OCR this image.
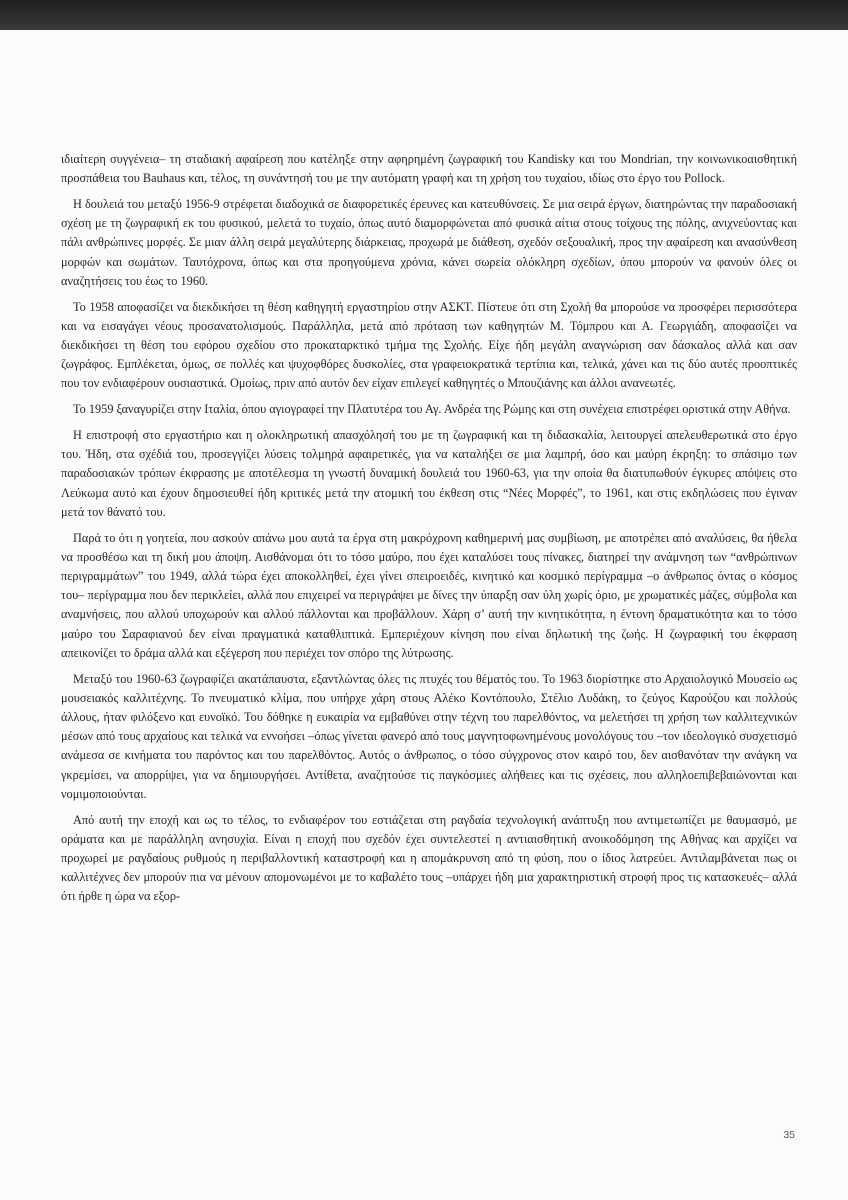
ιδιαίτερη συγγένεια– τη σταδιακή αφαίρεση που κατέληξε στην αφηρημένη ζωγραφική του Kandisky και του Mondrian, την κοινωνικοαισθητική προσπάθεια του Bauhaus και, τέλος, τη συνάντησή του με την αυτόματη γραφή και τη χρήση του τυχαίου, ιδίως στο έργο του Pollock.

Η δουλειά του μεταξύ 1956-9 στρέφεται διαδοχικά σε διαφορετικές έρευνες και κατευθύνσεις. Σε μια σειρά έργων, διατηρώντας την παραδοσιακή σχέση με τη ζωγραφική εκ του φυσικού, μελετά το τυχαίο, όπως αυτό διαμορφώνεται από φυσικά αίτια στους τοίχους της πόλης, ανιχνεύοντας και πάλι ανθρώπινες μορφές. Σε μιαν άλλη σειρά μεγαλύτερης διάρκειας, προχωρά με διάθεση, σχεδόν σεξουαλική, προς την αφαίρεση και ανασύνθεση μορφών και σωμάτων. Ταυτόχρονα, όπως και στα προηγούμενα χρόνια, κάνει σωρεία ολόκληρη σχεδίων, όπου μπορούν να φανούν όλες οι αναζητήσεις του έως το 1960.

Το 1958 αποφασίζει να διεκδικήσει τη θέση καθηγητή εργαστηρίου στην ΑΣΚΤ. Πίστευε ότι στη Σχολή θα μπορούσε να προσφέρει περισσότερα και να εισαγάγει νέους προσανατολισμούς. Παράλληλα, μετά από πρόταση των καθηγητών Μ. Τόμπρου και Α. Γεωργιάδη, αποφασίζει να διεκδικήσει τη θέση του εφόρου σχεδίου στο προκαταρκτικό τμήμα της Σχολής. Είχε ήδη μεγάλη αναγνώριση σαν δάσκαλος αλλά και σαν ζωγράφος. Εμπλέκεται, όμως, σε πολλές και ψυχοφθόρες δυσκολίες, στα γραφειοκρατικά τερτίπια και, τελικά, χάνει και τις δύο αυτές προοπτικές που τον ενδιαφέρουν ουσιαστικά. Ομοίως, πριν από αυτόν δεν είχαν επιλεγεί καθηγητές ο Μπουζιάνης και άλλοι ανανεωτές.

Το 1959 ξαναγυρίζει στην Ιταλία, όπου αγιογραφεί την Πλατυτέρα του Αγ. Ανδρέα της Ρώμης και στη συνέχεια επιστρέφει οριστικά στην Αθήνα.

Η επιστροφή στο εργαστήριο και η ολοκληρωτική απασχόλησή του με τη ζωγραφική και τη διδασκαλία, λειτουργεί απελευθερωτικά στο έργο του. Ήδη, στα σχέδιά του, προσεγγίζει λύσεις τολμηρά αφαιρετικές, για να καταλήξει σε μια λαμπρή, όσο και μαύρη έκρηξη: το σπάσιμο των παραδοσιακών τρόπων έκφρασης με αποτέλεσμα τη γνωστή δυναμική δουλειά του 1960-63, για την οποία θα διατυπωθούν έγκυρες απόψεις στο Λεύκωμα αυτό και έχουν δημοσιευθεί ήδη κριτικές μετά την ατομική του έκθεση στις “Νέες Μορφές”, το 1961, και στις εκδηλώσεις που έγιναν μετά τον θάνατό του.

Παρά το ότι η γοητεία, που ασκούν απάνω μου αυτά τα έργα στη μακρόχρονη καθημερινή μας συμβίωση, με αποτρέπει από αναλύσεις, θα ήθελα να προσθέσω και τη δική μου άποψη. Αισθάνομαι ότι το τόσο μαύρο, που έχει καταλύσει τους πίνακες, διατηρεί την ανάμνηση των “ανθρώπινων περιγραμμάτων” του 1949, αλλά τώρα έχει αποκολληθεί, έχει γίνει σπειροειδές, κινητικό και κοσμικό περίγραμμα –ο άνθρωπος όντας ο κόσμος του– περίγραμμα που δεν περικλείει, αλλά που επιχειρεί να περιγράψει με δίνες την ύπαρξη σαν ύλη χωρίς όριο, με χρωματικές μάζες, σύμβολα και αναμνήσεις, που αλλού υποχωρούν και αλλού πάλλονται και προβάλλουν. Χάρη σ’ αυτή την κινητικότητα, η έντονη δραματικότητα και το τόσο μαύρο του Σαραφιανού δεν είναι πραγματικά καταθλιπτικά. Εμπεριέχουν κίνηση που είναι δηλωτική της ζωής. Η ζωγραφική του έκφραση απεικονίζει το δράμα αλλά και εξέγερση που περιέχει τον σπόρο της λύτρωσης.

Μεταξύ του 1960-63 ζωγραφίζει ακατάπαυστα, εξαντλώντας όλες τις πτυχές του θέματός του. Το 1963 διορίστηκε στο Αρχαιολογικό Μουσείο ως μουσειακός καλλιτέχνης. Το πνευματικό κλίμα, που υπήρχε χάρη στους Αλέκο Κοντόπουλο, Στέλιο Λυδάκη, το ζεύγος Καρούζου και πολλούς άλλους, ήταν φιλόξενο και ευνοϊκό. Του δόθηκε η ευκαιρία να εμβαθύνει στην τέχνη του παρελθόντος, να μελετήσει τη χρήση των καλλιτεχνικών μέσων από τους αρχαίους και τελικά να εννοήσει –όπως γίνεται φανερό από τους μαγνητοφωνημένους μονολόγους του –τον ιδεολογικό συσχετισμό ανάμεσα σε κινήματα του παρόντος και του παρελθόντος. Αυτός ο άνθρωπος, ο τόσο σύγχρονος στον καιρό του, δεν αισθανόταν την ανάγκη να γκρεμίσει, να απορρίψει, για να δημιουργήσει. Αντίθετα, αναζητούσε τις παγκόσμιες αλήθειες και τις σχέσεις, που αλληλοεπιβεβαιώνονται και νομιμοποιούνται.

Από αυτή την εποχή και ως το τέλος, το ενδιαφέρον του εστιάζεται στη ραγδαία τεχνολογική ανάπτυξη που αντιμετωπίζει με θαυμασμό, με οράματα και με παράλληλη ανησυχία. Είναι η εποχή που σχεδόν έχει συντελεστεί η αντιαισθητική ανοικοδόμηση της Αθήνας και αρχίζει να προχωρεί με ραγδαίους ρυθμούς η περιβαλλοντική καταστροφή και η απομάκρυνση από τη φύση, που ο ίδιος λατρεύει. Αντιλαμβάνεται πως οι καλλιτέχνες δεν μπορούν πια να μένουν απομονωμένοι με το καβαλέτο τους –υπάρχει ήδη μια χαρακτηριστική στροφή προς τις κατασκευές– αλλά ότι ήρθε η ώρα να εξορ-

35
